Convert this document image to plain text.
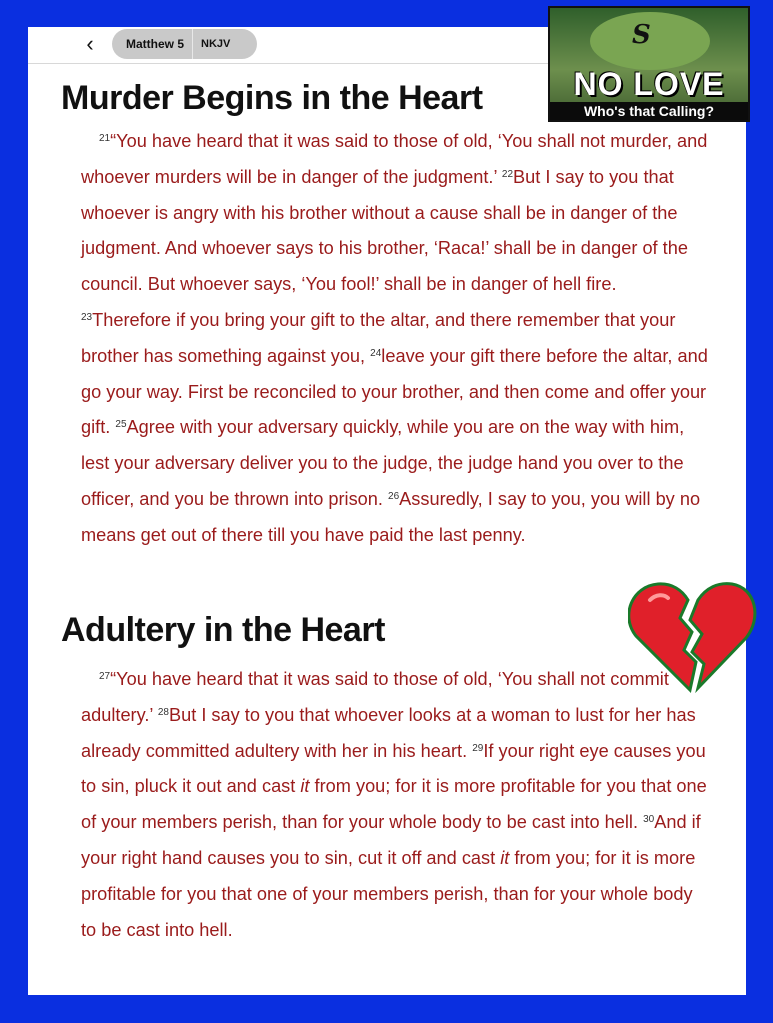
‹	Matthew 5	NKJV
Murder Begins in the Heart

$^{21}$“You have heard that it was said to those of old, ‘You shall not murder, and whoever murders will be in danger of the judgment.’ $^{22}$But I say to you that whoever is angry with his brother without a cause shall be in danger of the judgment. And whoever says to his brother, ‘Raca!’ shall be in danger of the council. But whoever says, ‘You fool!’ shall be in danger of hell fire. $^{23}$Therefore if you bring your gift to the altar, and there remember that your brother has something against you, $^{24}$leave your gift there before the altar, and go your way. First be reconciled to your brother, and then come and offer your gift. $^{25}$Agree with your adversary quickly, while you are on the way with him, lest your adversary deliver you to the judge, the judge hand you over to the officer, and you be thrown into prison. $^{26}$Assuredly, I say to you, you will by no means get out of there till you have paid the last penny.

Adultery in the Heart

$^{27}$“You have heard that it was said to those of old, ‘You shall not commit adultery.’ $^{28}$But I say to you that whoever looks at a woman to lust for her has already committed adultery with her in his heart. $^{29}$If your right eye causes you to sin, pluck it out and cast it from you; for it is more profitable for you that one of your members perish, than for your whole body to be cast into hell. $^{30}$And if your right hand causes you to sin, cut it off and cast it from you; for it is more profitable for you that one of your members perish, than for your whole body to be cast into hell.

S
NO LOVE
Who's that Calling?
